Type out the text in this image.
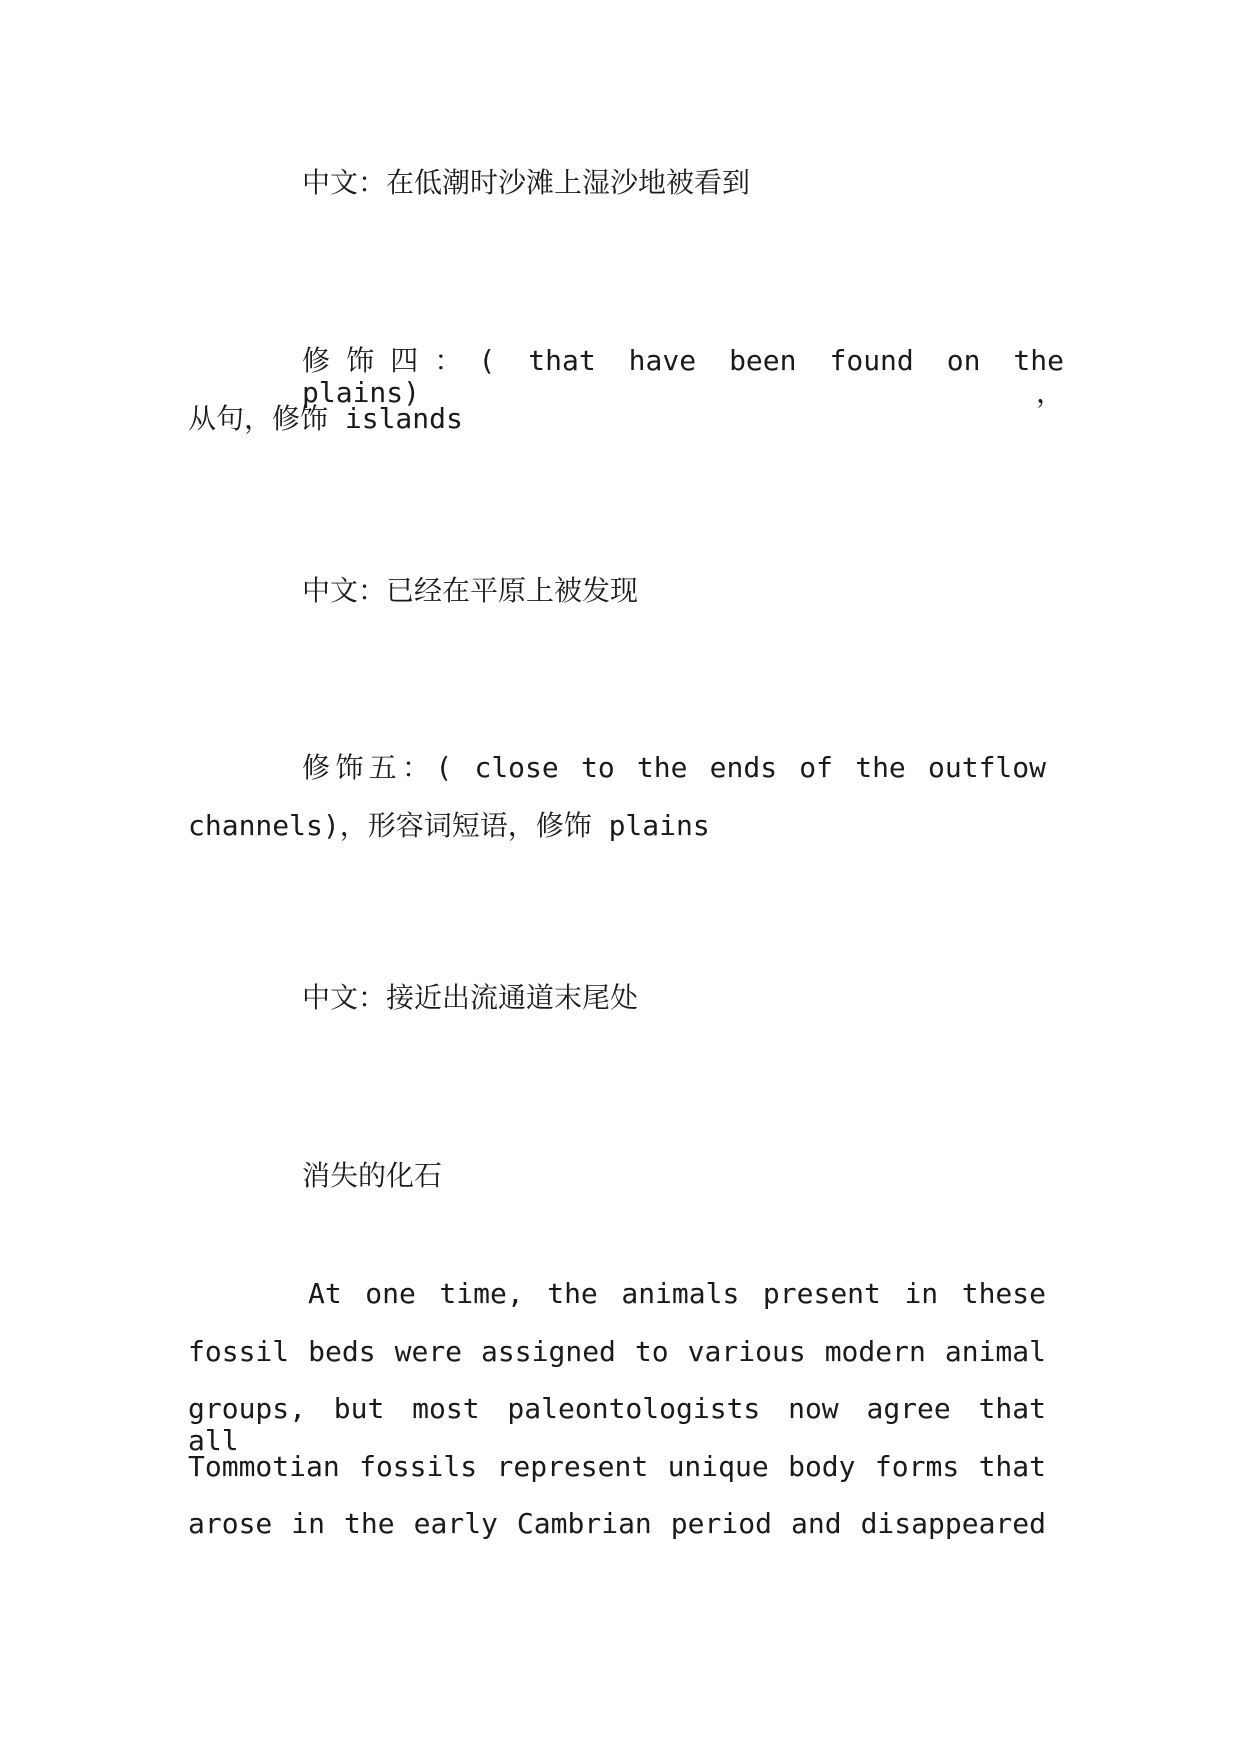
中文：在低潮时沙滩上湿沙地被看到
修饰四：( that have been found on the plains)，
从句，修饰 islands
中文：已经在平原上被发现
修饰五：( close to the ends of the outflow
channels)，形容词短语，修饰 plains
中文：接近出流通道末尾处
消失的化石
At one time, the animals present in these
fossil beds were assigned to various modern animal
groups, but most paleontologists now agree that all
Tommotian fossils represent unique body forms that
arose in the early Cambrian period and disappeared
